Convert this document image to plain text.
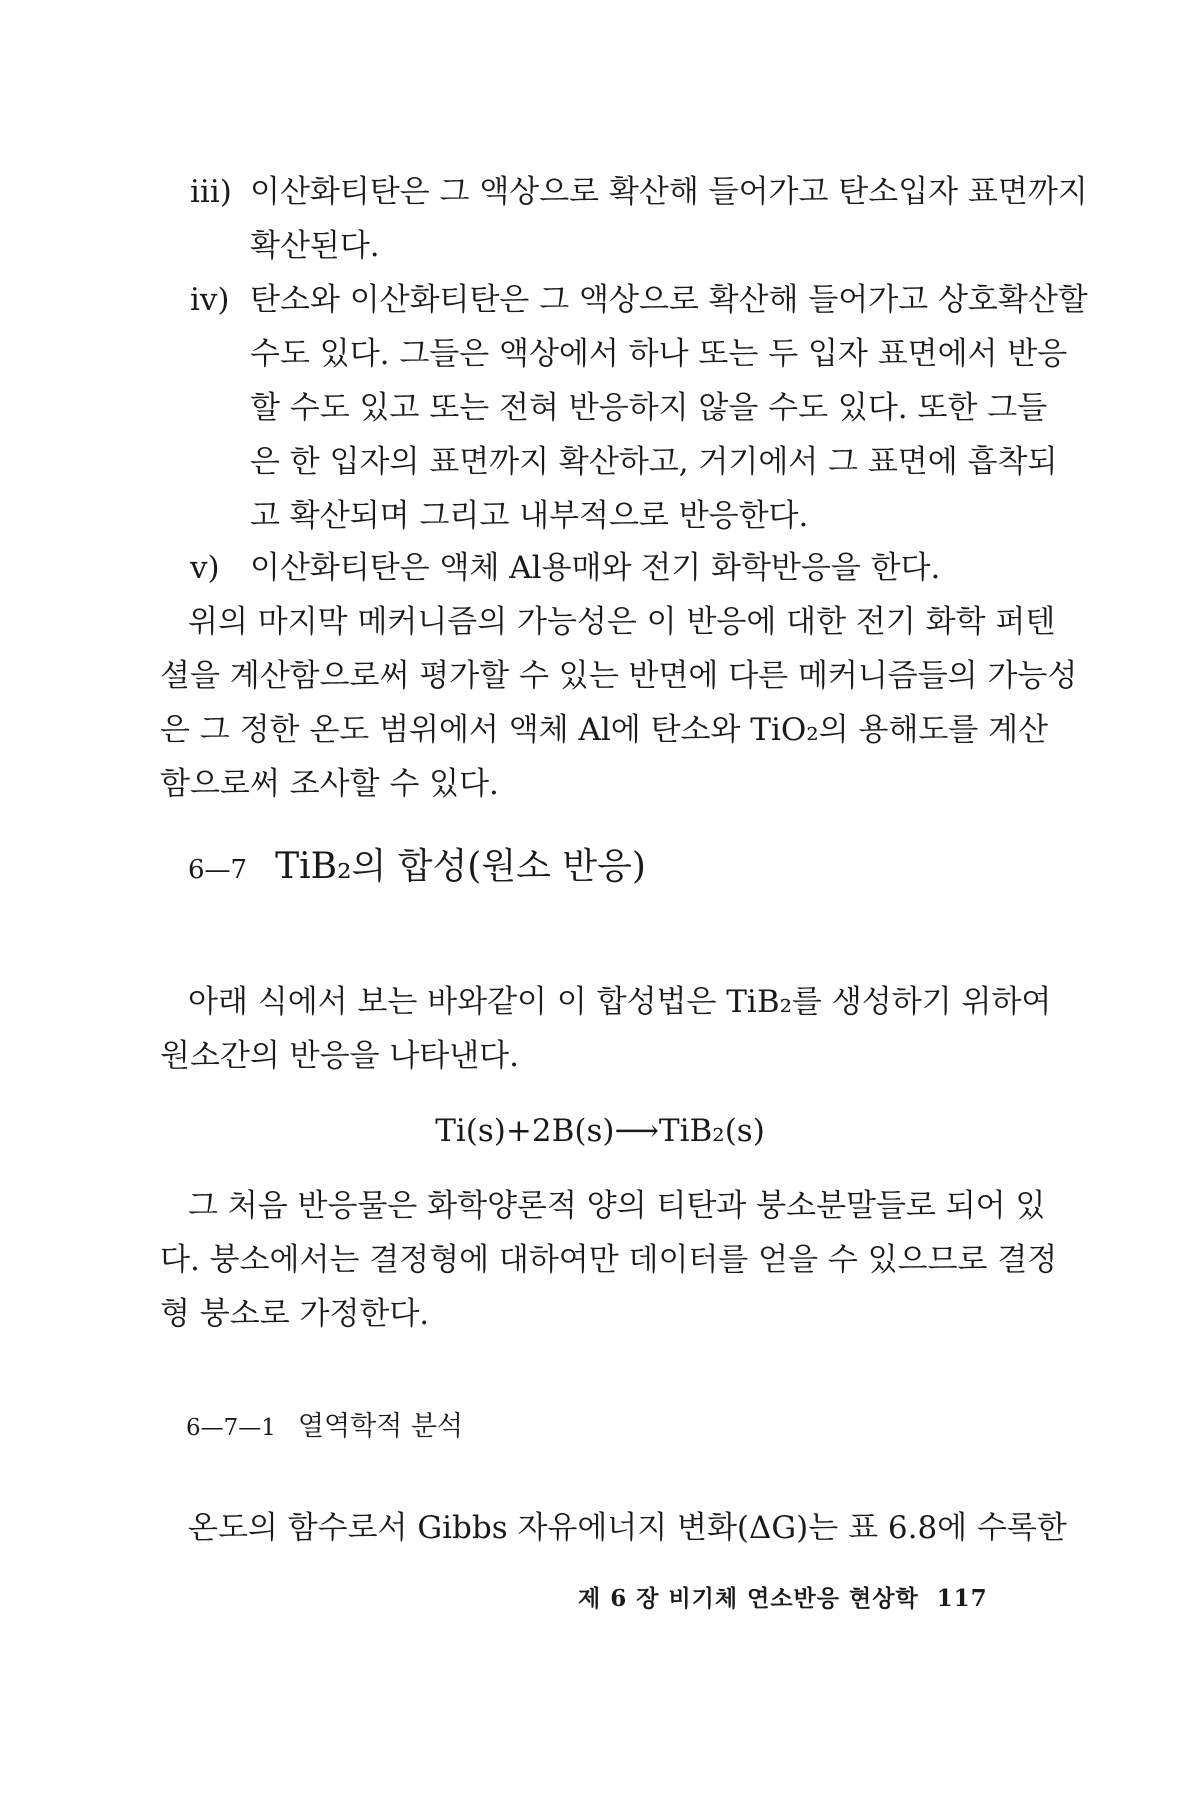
iii) 이산화티탄은 그 액상으로 확산해 들어가고 탄소입자 표면까지

확산된다.

iv) 탄소와 이산화티탄은 그 액상으로 확산해 들어가고 상호확산할

수도 있다. 그들은 액상에서 하나 또는 두 입자 표면에서 반응

할 수도 있고 또는 전혀 반응하지 않을 수도 있다. 또한 그들

은 한 입자의 표면까지 확산하고, 거기에서 그 표면에 흡착되

고 확산되며 그리고 내부적으로 반응한다.

v) 이산화티탄은 액체 Al용매와 전기 화학반응을 한다.

위의 마지막 메커니즘의 가능성은 이 반응에 대한 전기 화학 퍼텐

셜을 계산함으로써 평가할 수 있는 반면에 다른 메커니즘들의 가능성

은 그 정한 온도 범위에서 액체 Al에 탄소와 TiO₂의 용해도를 계산

함으로써 조사할 수 있다.

6—7 TiB₂의 합성(원소 반응)

아래 식에서 보는 바와같이 이 합성법은 TiB₂를 생성하기 위하여

원소간의 반응을 나타낸다.

Ti(s)+2B(s)⟶TiB₂(s)

그 처음 반응물은 화학양론적 양의 티탄과 붕소분말들로 되어 있

다. 붕소에서는 결정형에 대하여만 데이터를 얻을 수 있으므로 결정

형 붕소로 가정한다.

6—7—1 열역학적 분석

온도의 함수로서 Gibbs 자유에너지 변화(ΔG)는 표 6.8에 수록한

제 6 장 비기체 연소반응 현상학 117
